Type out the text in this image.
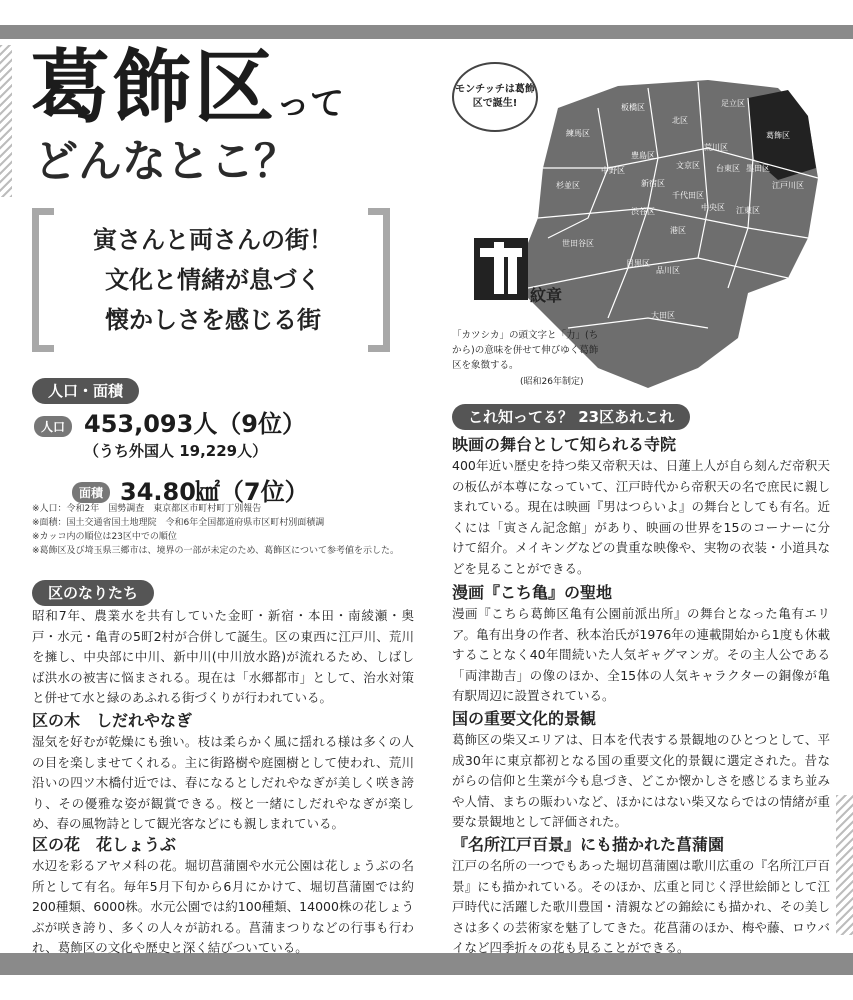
葛飾区って
どんなとこ？
寅さんと両さんの街！
文化と情緒が息づく
懐かしさを感じる街
人口・面積
人口 453,093人（9位）
（うち外国人 19,229人）
面積 34.80㎢（7位）
※人口：令和2年　国勢調査　東京都区市町村町丁別報告
※面積：国土交通省国土地理院　令和6年全国都道府県市区町村別面積調
※カッコ内の順位は23区中での順位
※葛飾区及び埼玉県三郷市は、境界の一部が未定のため、葛飾区について参考値を示した。
区のなりたち
昭和7年、農業水を共有していた金町・新宿・本田・南綾瀬・奥戸・水元・亀青の5町2村が合併して誕生。区の東西に江戸川、荒川を擁し、中央部に中川、新中川(中川放水路)が流れるため、しばしば洪水の被害に悩まされる。現在は「水郷都市」として、治水対策と併せて水と緑のあふれる街づくりが行われている。
区の木　しだれやなぎ
湿気を好むが乾燥にも強い。枝は柔らかく風に揺れる様は多くの人の目を楽しませてくれる。主に街路樹や庭園樹として使われ、荒川沿いの四ツ木橋付近では、春になるとしだれやなぎが美しく咲き誇り、その優雅な姿が観賞できる。桜と一緒にしだれやなぎが楽しめ、春の風物詩として観光客などにも親しまれている。
区の花　花しょうぶ
水辺を彩るアヤメ科の花。堀切菖蒲園や水元公園は花しょうぶの名所として有名。毎年5月下旬から6月にかけて、堀切菖蒲園では約200種類、6000株。水元公園では約100種類、14000株の花しょうぶが咲き誇り、多くの人々が訪れる。菖蒲まつりなどの行事も行われ、葛飾区の文化や歴史と深く結びついている。
板橋区
北区
足立区
葛飾区
練馬区
荒川区
豊島区
文京区 台東区 墨田区
中野区
新宿区
杉並区
千代田区
江戸川区
渋谷区	中央区 江東区
港区
世田谷区
目黒区
品川区
大田区
モンチッチは葛飾区で誕生!
紋章
「カツシカ」の頭文字と「力」(ちから)の意味を併せて伸びゆく葛飾区を象徴する。
(昭和26年制定)
これ知ってる？ 23区あれこれ
映画の舞台として知られる寺院
400年近い歴史を持つ柴又帝釈天は、日蓮上人が自ら刻んだ帝釈天の板仏が本尊になっていて、江戸時代から帝釈天の名で庶民に親しまれている。現在は映画『男はつらいよ』の舞台としても有名。近くには「寅さん記念館」があり、映画の世界を15のコーナーに分けて紹介。メイキングなどの貴重な映像や、実物の衣装・小道具などを見ることができる。
漫画『こち亀』の聖地
漫画『こちら葛飾区亀有公園前派出所』の舞台となった亀有エリア。亀有出身の作者、秋本治氏が1976年の連載開始から1度も休載することなく40年間続いた人気ギャグマンガ。その主人公である「両津勘吉」の像のほか、全15体の人気キャラクターの銅像が亀有駅周辺に設置されている。
国の重要文化的景観
葛飾区の柴又エリアは、日本を代表する景観地のひとつとして、平成30年に東京都初となる国の重要文化的景観に選定された。昔ながらの信仰と生業が今も息づき、どこか懐かしさを感じるまち並みや人情、まちの賑わいなど、ほかにはない柴又ならではの情緒が重要な景観地として評価された。
『名所江戸百景』にも描かれた菖蒲園
江戸の名所の一つでもあった堀切菖蒲園は歌川広重の『名所江戸百景』にも描かれている。そのほか、広重と同じく浮世絵師として江戸時代に活躍した歌川豊国・清親などの錦絵にも描かれ、その美しさは多くの芸術家を魅了してきた。花菖蒲のほか、梅や藤、ロウバイなど四季折々の花も見ることができる。
